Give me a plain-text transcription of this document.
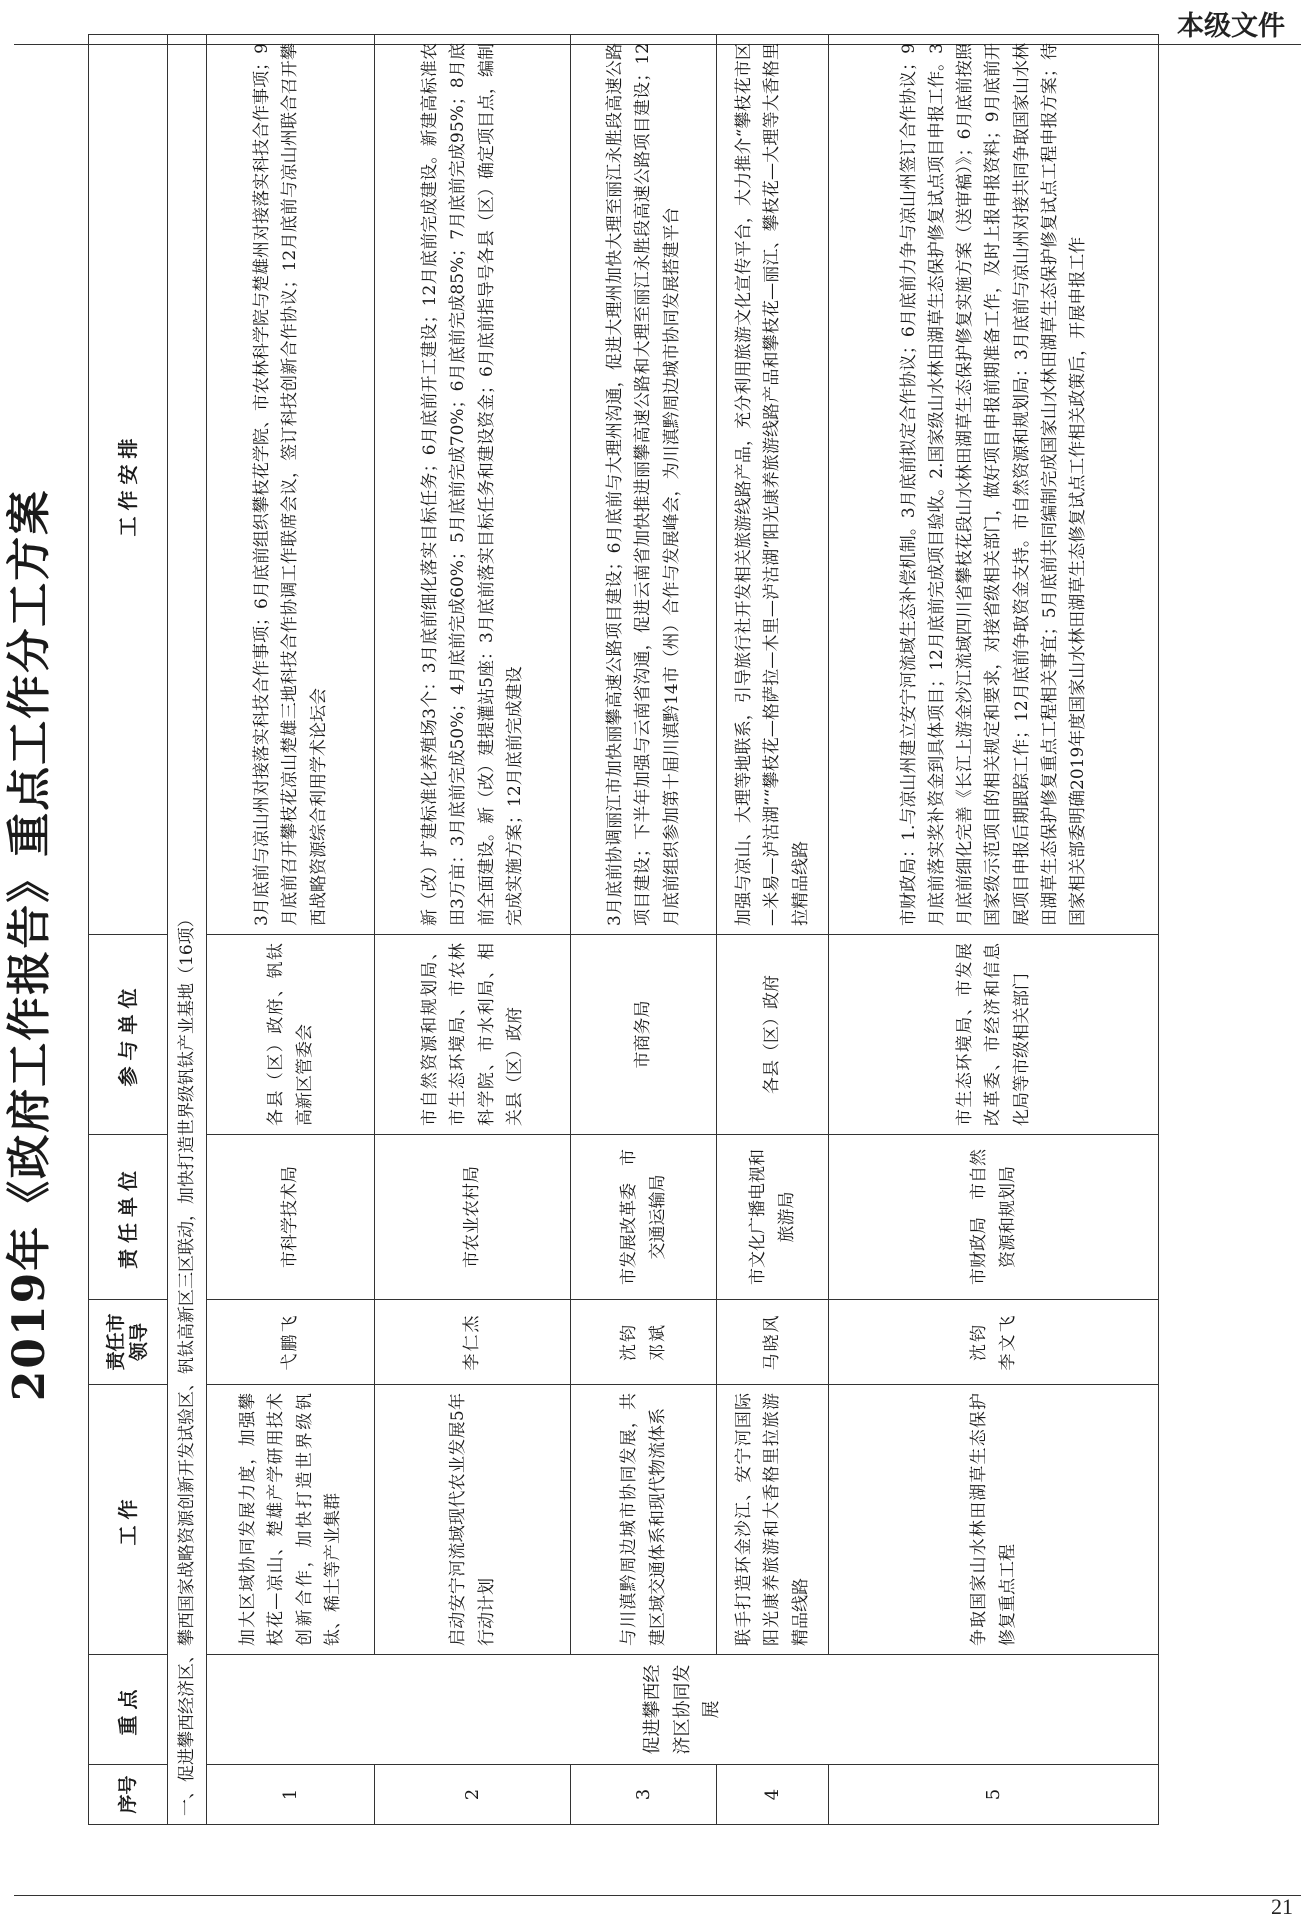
本级文件
2019年《政府工作报告》重点工作分工方案
序号	重点	工作	责任市领导	责任单位	参与单位	工作安排
一、促进攀西经济区、攀西国家战略资源创新开发试验区、钒钛高新区三区联动，加快打造世界级钒钛产业基地（16项）						
1	促进攀西经济区协同发展	加大区域协同发展力度，加强攀枝花—凉山、楚雄产学研用技术创新合作，加快打造世界级钒钛、稀土等产业集群	弋鹏飞	市科学技术局	各县（区）政府、钒钛高新区管委会	3月底前与凉山州对接落实科技合作事项；6月底前组织攀枝花学院、市农林科学院与楚雄州对接落实科技合作事项；9月底前召开攀枝花凉山楚雄三地科技合作协调工作联席会议，签订科技创新合作协议；12月底前与凉山州联合召开攀西战略资源综合利用学术论坛会
2		启动安宁河流域现代农业发展5年行动计划	李仁杰	市农业农村局	市自然资源和规划局、市生态环境局、市农林科学院、市水利局、相关县（区）政府	新（改）扩建标准化养殖场3个：3月底前细化落实目标任务；6月底前开工建设；12月底前完成建设。新建高标准农田3万亩：3月底前完成50%；4月底前完成60%；5月底前完成70%；6月底前完成85%；7月底前完成95%；8月底前全面建设。新（改）建提灌站5座：3月底前落实目标任务和建设资金；6月底前指导号各县（区）确定项目点，编制完成实施方案；12月底前完成建设
3		与川滇黔周边城市协同发展，共建区域交通体系和现代物流体系	沈钧　邓斌	市发展改革委　市交通运输局	市商务局	3月底前协调丽江市加快丽攀高速公路项目建设；6月底前与大理州沟通，促进大理州加快大理至丽江永胜段高速公路项目建设；下半年加强与云南省沟通，促进云南省加快推进丽攀高速公路和大理至丽江永胜段高速公路项目建设；12月底前组织参加第十届川滇黔14市（州）合作与发展峰会，为川滇黔周边城市协同发展搭建平台
4		联手打造环金沙江、安宁河国际阳光康养旅游和大香格里拉旅游精品线路	马晓风	市文化广播电视和旅游局	各县（区）政府	加强与凉山、大理等地联系，引导旅行社开发相关旅游线路产品，充分利用旅游文化宣传平台，大力推介“攀枝花市区—米易—泸沽湖”“攀枝花—格萨拉—木里—泸沽湖”阳光康养旅游线路产品和攀枝花—丽江、攀枝花—大理等大香格里拉精品线路
5		争取国家山水林田湖草生态保护修复重点工程	沈钧　李文飞	市财政局　市自然资源和规划局	市生态环境局、市发展改革委、市经济和信息化局等市级相关部门	市财政局：1.与凉山州建立安宁河流域生态补偿机制。3月底前拟定合作协议；6月底前力争与凉山州签订合作协议；9月底前落实奖补资金到具体项目；12月底前完成项目验收。2.国家级山水林田湖草生态保护修复试点项目申报工作。3月底前细化完善《长江上游金沙江流域四川省攀枝花段山水林田湖草生态保护修复实施方案（送审稿）》；6月底前按照国家级示范项目的相关规定和要求，对接省级相关部门，做好项目申报前期准备工作，及时上报申报资料；9月底前开展项目申报后期跟踪工作；12月底前争取资金支持。市自然资源和规划局：3月底前与凉山州对接共同争取国家山水林田湖草生态保护修复重点工程相关事宜；5月底前共同编制完成国家山水林田湖草生态保护修复试点工程申报方案；待国家相关部委明确2019年度国家山水林田湖草生态修复试点工作相关政策后，开展申报工作
21
